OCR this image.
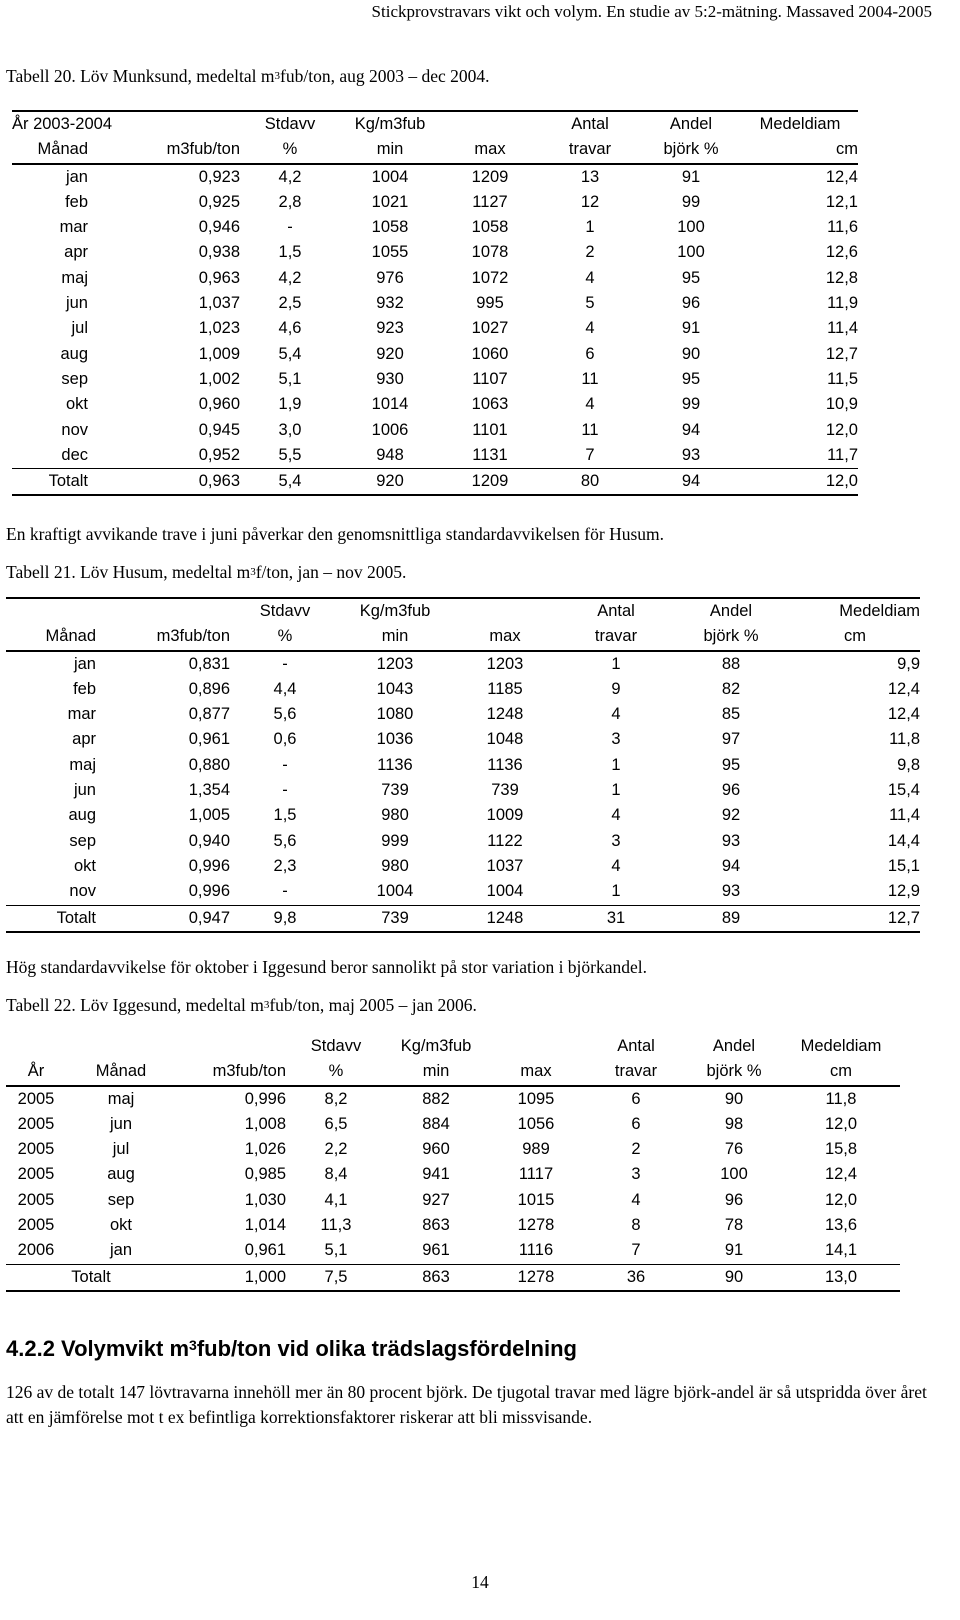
Stickprovstravars vikt och volym. En studie av 5:2-mätning. Massaved 2004-2005
Tabell 20. Löv Munksund, medeltal $m^3fub$/ton, aug 2003 – dec 2004.
År 2003-2004		Stdavv	Kg/m3fub		Antal	Andel	Medeldiam
Månad	m3fub/ton	%	min	max	travar	björk %	cm
jan	0,923	4,2	1004	1209	13	91	12,4
feb	0,925	2,8	1021	1127	12	99	12,1
mar	0,946	-	1058	1058	1	100	11,6
apr	0,938	1,5	1055	1078	2	100	12,6
maj	0,963	4,2	976	1072	4	95	12,8
jun	1,037	2,5	932	995	5	96	11,9
jul	1,023	4,6	923	1027	4	91	11,4
aug	1,009	5,4	920	1060	6	90	12,7
sep	1,002	5,1	930	1107	11	95	11,5
okt	0,960	1,9	1014	1063	4	99	10,9
nov	0,945	3,0	1006	1101	11	94	12,0
dec	0,952	5,5	948	1131	7	93	11,7
Totalt	0,963	5,4	920	1209	80	94	12,0
En kraftigt avvikande trave i juni påverkar den genomsnittliga standardavvikelsen för Husum.
Tabell 21. Löv Husum, medeltal $m^3f$/ton, jan – nov 2005.
		Stdavv	Kg/m3fub		Antal	Andel	Medeldiam
Månad	m3fub/ton	%	min	max	travar	björk %	cm
jan	0,831	-	1203	1203	1	88	9,9
feb	0,896	4,4	1043	1185	9	82	12,4
mar	0,877	5,6	1080	1248	4	85	12,4
apr	0,961	0,6	1036	1048	3	97	11,8
maj	0,880	-	1136	1136	1	95	9,8
jun	1,354	-	739	739	1	96	15,4
aug	1,005	1,5	980	1009	4	92	11,4
sep	0,940	5,6	999	1122	3	93	14,4
okt	0,996	2,3	980	1037	4	94	15,1
nov	0,996	-	1004	1004	1	93	12,9
Totalt	0,947	9,8	739	1248	31	89	12,7
Hög standardavvikelse för oktober i Iggesund beror sannolikt på stor variation i björkandel.
Tabell 22. Löv Iggesund, medeltal $m^3fub$/ton, maj 2005 – jan 2006.
			Stdavv	Kg/m3fub		Antal	Andel	Medeldiam
År	Månad	m3fub/ton	%	min	max	travar	björk %	cm
2005	maj	0,996	8,2	882	1095	6	90	11,8
2005	jun	1,008	6,5	884	1056	6	98	12,0
2005	jul	1,026	2,2	960	989	2	76	15,8
2005	aug	0,985	8,4	941	1117	3	100	12,4
2005	sep	1,030	4,1	927	1015	4	96	12,0
2005	okt	1,014	11,3	863	1278	8	78	13,6
2006	jan	0,961	5,1	961	1116	7	91	14,1
Totalt		1,000	7,5	863	1278	36	90	13,0
4.2.2 Volymvikt $m^3fub$/ton vid olika trädslagsfördelning
126 av de totalt 147 lövtravarna innehöll mer än 80 procent björk. De tjugotal travar med lägre björk-andel är så utspridda över året att en jämförelse mot t ex befintliga korrektionsfaktorer riskerar att bli missvisande.
14
